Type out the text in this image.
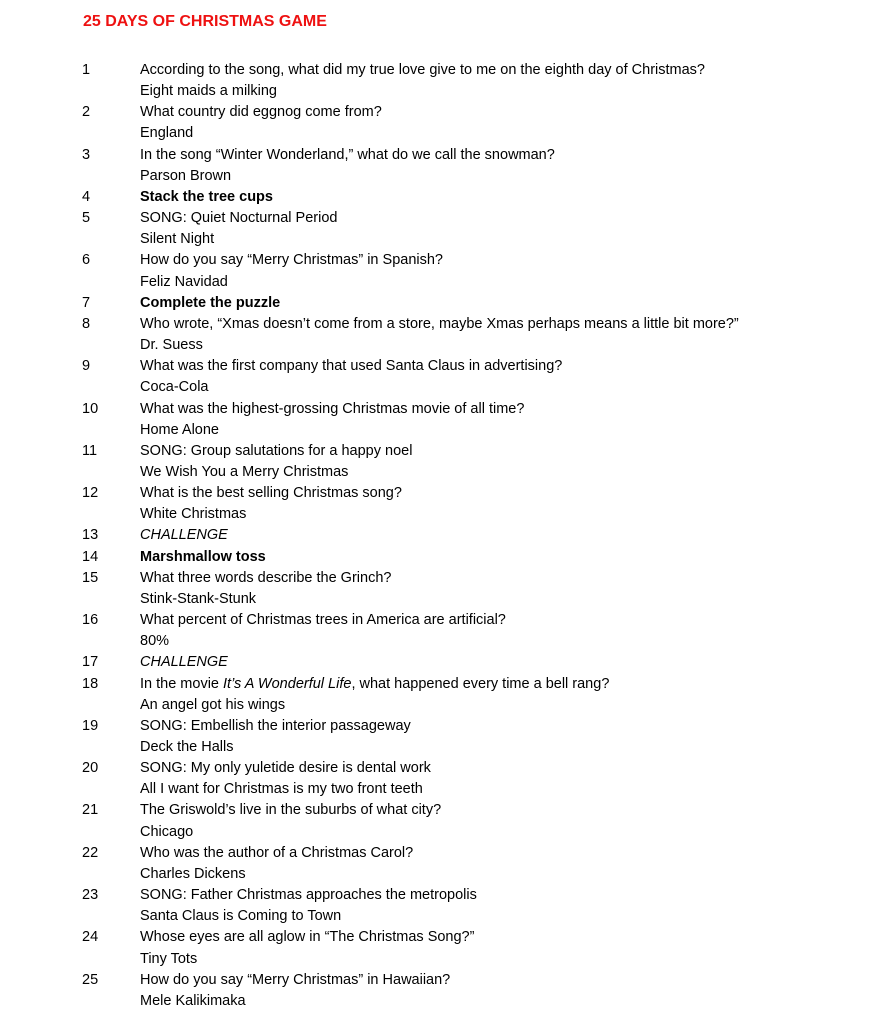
25 DAYS OF CHRISTMAS GAME
1	According to the song, what did my true love give to me on the eighth day of Christmas?
Eight maids a milking
2	What country did eggnog come from?
England
3	In the song “Winter Wonderland,” what do we call the snowman?
Parson Brown
4	Stack the tree cups
5	SONG: Quiet Nocturnal Period
Silent Night
6	How do you say “Merry Christmas” in Spanish?
Feliz Navidad
7	Complete the puzzle
8	Who wrote, “Xmas doesn’t come from a store, maybe Xmas perhaps means a little bit more?”
Dr. Suess
9	What was the first company that used Santa Claus in advertising?
Coca-Cola
10	What was the highest-grossing Christmas movie of all time?
Home Alone
11	SONG: Group salutations for a happy noel
We Wish You a Merry Christmas
12	What is the best selling Christmas song?
White Christmas
13	CHALLENGE
14	Marshmallow toss
15	What three words describe the Grinch?
Stink-Stank-Stunk
16	What percent of Christmas trees in America are artificial?
80%
17	CHALLENGE
18	In the movie It’s A Wonderful Life, what happened every time a bell rang?
An angel got his wings
19	SONG: Embellish the interior passageway
Deck the Halls
20	SONG: My only yuletide desire is dental work
All I want for Christmas is my two front teeth
21	The Griswold’s live in the suburbs of what city?
Chicago
22	Who was the author of a Christmas Carol?
Charles Dickens
23	SONG: Father Christmas approaches the metropolis
Santa Claus is Coming to Town
24	Whose eyes are all aglow in “The Christmas Song?”
Tiny Tots
25	How do you say “Merry Christmas” in Hawaiian?
Mele Kalikimaka
